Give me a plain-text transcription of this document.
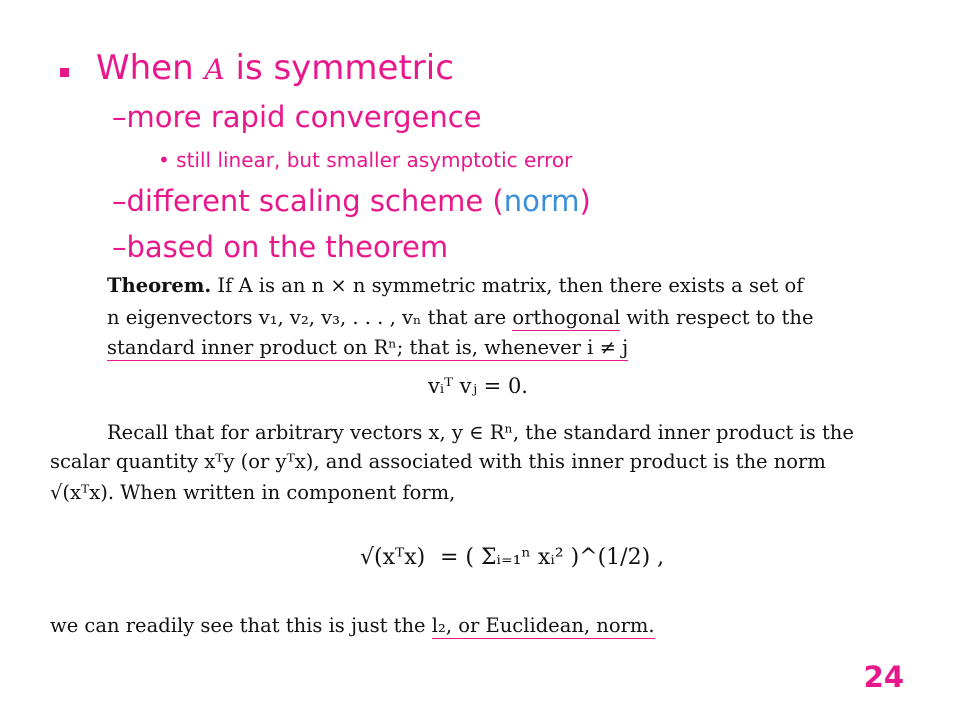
When A is symmetric
–more rapid convergence
• still linear, but smaller asymptotic error
–different scaling scheme (norm)
–based on the theorem
Theorem. If A is an n × n symmetric matrix, then there exists a set of
n eigenvectors v₁, v₂, v₃, . . . , vₙ that are orthogonal with respect to the
standard inner product on Rⁿ; that is, whenever i ≠ j
vᵢᵀ vⱼ = 0.
Recall that for arbitrary vectors x, y ∈ Rⁿ, the standard inner product is the
scalar quantity xᵀy (or yᵀx), and associated with this inner product is the norm
√(xᵀx). When written in component form,
√(xᵀx) = ( Σᵢ₌₁ⁿ xᵢ² )^(1/2) ,
we can readily see that this is just the l₂, or Euclidean, norm.
24
